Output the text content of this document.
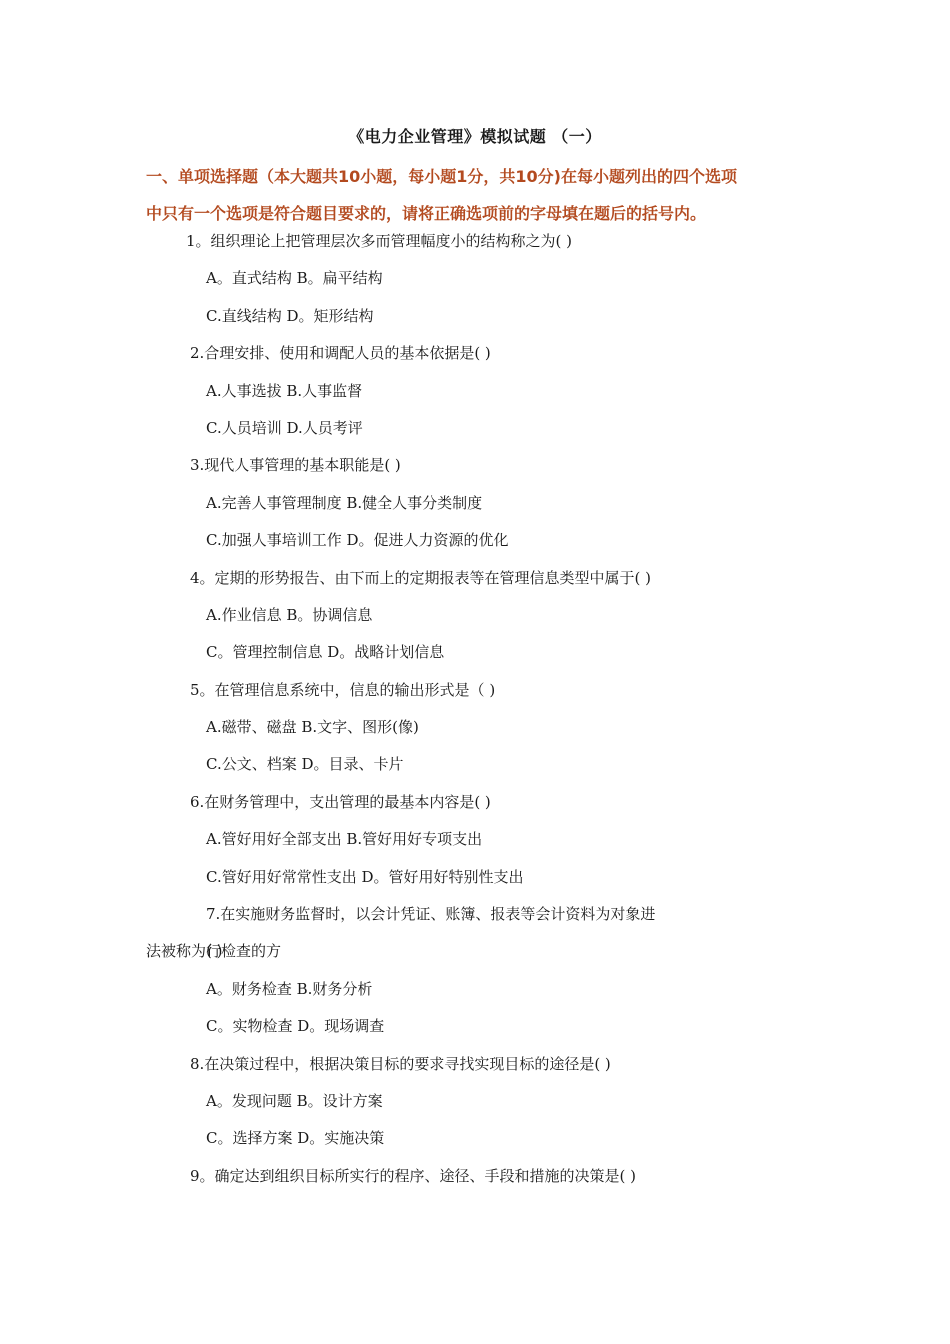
《电力企业管理》模拟试题 （一）
一、单项选择题（本大题共10小题，每小题1分，共10分)在每小题列出的四个选项
中只有一个选项是符合题目要求的，请将正确选项前的字母填在题后的括号内。
1。组织理论上把管理层次多而管理幅度小的结构称之为( )
A。直式结构 B。扁平结构
C.直线结构 D。矩形结构
2.合理安排、使用和调配人员的基本依据是( )
A.人事选拔 B.人事监督
C.人员培训 D.人员考评
3.现代人事管理的基本职能是( )
A.完善人事管理制度 B.健全人事分类制度
C.加强人事培训工作 D。促进人力资源的优化
4。定期的形势报告、由下而上的定期报表等在管理信息类型中属于( )
A.作业信息 B。协调信息
C。管理控制信息 D。战略计划信息
5。在管理信息系统中，信息的输出形式是（ )
A.磁带、磁盘 B.文字、图形(像)
C.公文、档案 D。目录、卡片
6.在财务管理中，支出管理的最基本内容是( )
A.管好用好全部支出 B.管好用好专项支出
C.管好用好常常性支出 D。管好用好特别性支出
7.在实施财务监督时，以会计凭证、账簿、报表等会计资料为对象进行检查的方
法被称为( )
A。财务检查 B.财务分析
C。实物检查 D。现场调查
8.在决策过程中，根据决策目标的要求寻找实现目标的途径是( )
A。发现问题 B。设计方案
C。选择方案 D。实施决策
9。确定达到组织目标所实行的程序、途径、手段和措施的决策是( )
